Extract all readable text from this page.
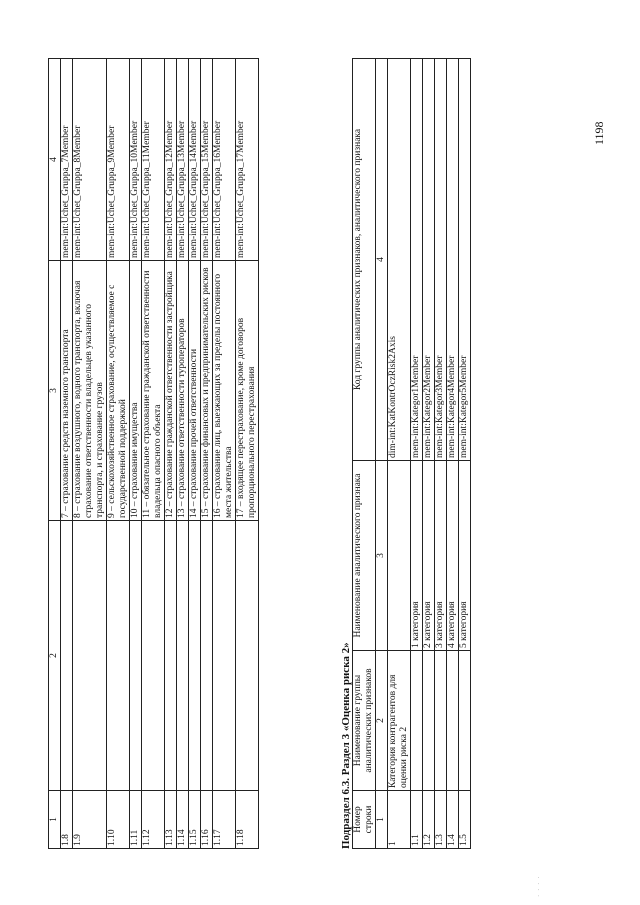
1198
1	2	3	4
1.8		7 – страхование средств наземного транспорта	mem-int:Uchet_Gruppa_7Member
1.9		8 – страхование воздушного, водного транспорта, включая страхование ответственности владельцев указанного транспорта, и страхование грузов	mem-int:Uchet_Gruppa_8Member
1.10		9 – сельскохозяйственное страхование, осуществляемое с государственной поддержкой	mem-int:Uchet_Gruppa_9Member
1.11		10 – страхование имущества	mem-int:Uchet_Gruppa_10Member
1.12		11 – обязательное страхование гражданской ответственности владельца опасного объекта	mem-int:Uchet_Gruppa_11Member
1.13		12 – страхование гражданской ответственности застройщика	mem-int:Uchet_Gruppa_12Member
1.14		13 – страхование ответственности туроператоров	mem-int:Uchet_Gruppa_13Member
1.15		14 – страхование прочей ответственности	mem-int:Uchet_Gruppa_14Member
1.16		15 – страхование финансовых и предпринимательских рисков	mem-int:Uchet_Gruppa_15Member
1.17		16 – страхование лиц, выезжающих за пределы постоянного места жительства	mem-int:Uchet_Gruppa_16Member
1.18		17 – входящее перестрахование, кроме договоров пропорционального перестрахования	mem-int:Uchet_Gruppa_17Member
Подраздел 6.3. Раздел 3 «Оценка риска 2» Номер строки	Наименование группы аналитических признаков	Наименование аналитического признака	Код группы аналитических признаков, аналитического признака
1	2	3	4
1	Категория контрагентов для оценки риска 2		dim-int:KatKontrOczRisk2Axis
1.1		1 категория	mem-int:Kategor1Member
1.2		2 категория	mem-int:Kategor2Member
1.3		3 категория	mem-int:Kategor3Member
1.4		4 категория	mem-int:Kategor4Member
1.5		5 категория	mem-int:Kategor5Member
· · · ·
